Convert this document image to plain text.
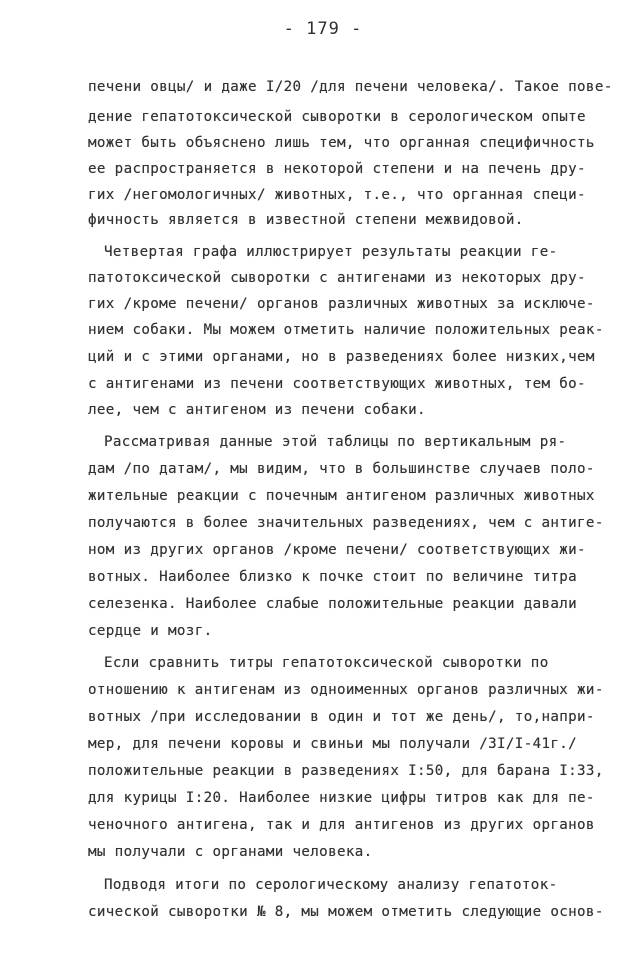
- 179 -
печени овцы/ и даже I/20 /для печени человека/. Такое пове-
дение гепатотоксической сыворотки в серологическом опыте
может быть объяснено лишь тем, что органная специфичность
ее распространяется в некоторой степени и на печень дру-
гих /негомологичных/ животных, т.е., что органная специ-
фичность является в известной степени межвидовой.
Четвертая графа иллюстрирует результаты реакции ге-
патотоксической сыворотки с антигенами из некоторых дру-
гих /кроме печени/ органов различных животных за исключе-
нием собаки. Мы можем отметить наличие положительных реак-
ций и с этими органами, но в разведениях более низких,чем
с антигенами из печени соответствующих животных, тем бо-
лее, чем с антигеном из печени собаки.
Рассматривая данные этой таблицы по вертикальным ря-
дам /по датам/, мы видим, что в большинстве случаев поло-
жительные реакции с почечным антигеном различных животных
получаются в более значительных разведениях, чем с антиге-
ном из других органов /кроме печени/ соответствующих жи-
вотных. Наиболее близко к почке стоит по величине титра
селезенка. Наиболее слабые положительные реакции давали
сердце и мозг.
Если сравнить титры гепатотоксической сыворотки по
отношению к антигенам из одноименных органов различных жи-
вотных /при исследовании в один и тот же день/, то,напри-
мер, для печени коровы и свиньи мы получали /3I/I-41г./
положительные реакции в разведениях I:50, для барана I:33,
для курицы I:20. Наиболее низкие цифры титров как для пе-
ченочного антигена, так и для антигенов из других органов
мы получали с органами человека.
Подводя итоги по серологическому анализу гепатоток-
сической сыворотки № 8, мы можем отметить следующие основ-
